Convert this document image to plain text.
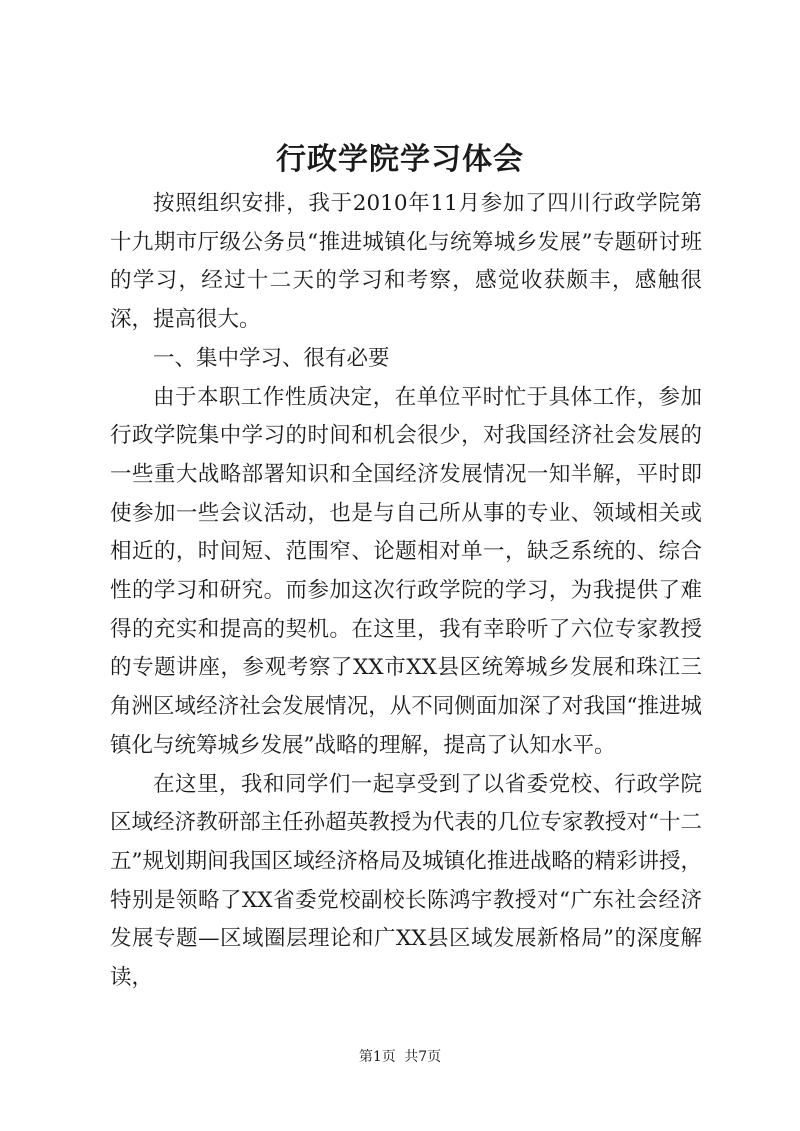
行政学院学习体会

按照组织安排，我于2010年11月参加了四川行政学院第十九期市厅级公务员“推进城镇化与统筹城乡发展”专题研讨班的学习，经过十二天的学习和考察，感觉收获颇丰，感触很深，提高很大。

一、集中学习、很有必要

由于本职工作性质决定，在单位平时忙于具体工作，参加行政学院集中学习的时间和机会很少，对我国经济社会发展的一些重大战略部署知识和全国经济发展情况一知半解，平时即使参加一些会议活动，也是与自己所从事的专业、领域相关或相近的，时间短、范围窄、论题相对单一，缺乏系统的、综合性的学习和研究。而参加这次行政学院的学习，为我提供了难得的充实和提高的契机。在这里，我有幸聆听了六位专家教授的专题讲座，参观考察了XX市XX县区统筹城乡发展和珠江三角洲区域经济社会发展情况，从不同侧面加深了对我国“推进城镇化与统筹城乡发展”战略的理解，提高了认知水平。

在这里，我和同学们一起享受到了以省委党校、行政学院区域经济教研部主任孙超英教授为代表的几位专家教授对“十二五”规划期间我国区域经济格局及城镇化推进战略的精彩讲授，特别是领略了XX省委党校副校长陈鸿宇教授对“广东社会经济发展专题—区域圈层理论和广XX县区域发展新格局”的深度解读，

第1页 共7页
